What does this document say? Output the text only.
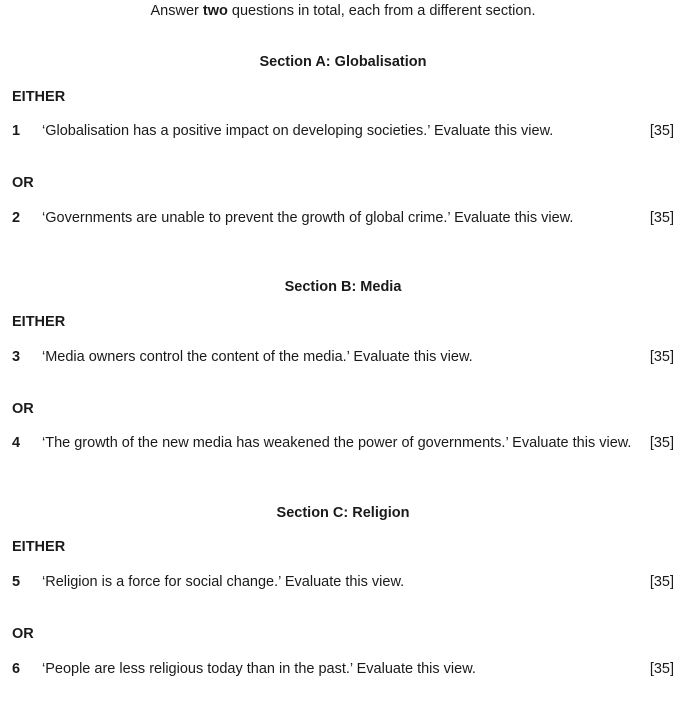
Answer two questions in total, each from a different section.
Section A: Globalisation
EITHER
1 ‘Globalisation has a positive impact on developing societies.’ Evaluate this view.	[35]
OR
2 ‘Governments are unable to prevent the growth of global crime.’ Evaluate this view.	[35]
Section B: Media
EITHER
3 ‘Media owners control the content of the media.’ Evaluate this view.	[35]
OR
4 ‘The growth of the new media has weakened the power of governments.’ Evaluate this view. [35]
Section C: Religion
EITHER
5 ‘Religion is a force for social change.’ Evaluate this view.	[35]
OR
6 ‘People are less religious today than in the past.’ Evaluate this view.	[35]
